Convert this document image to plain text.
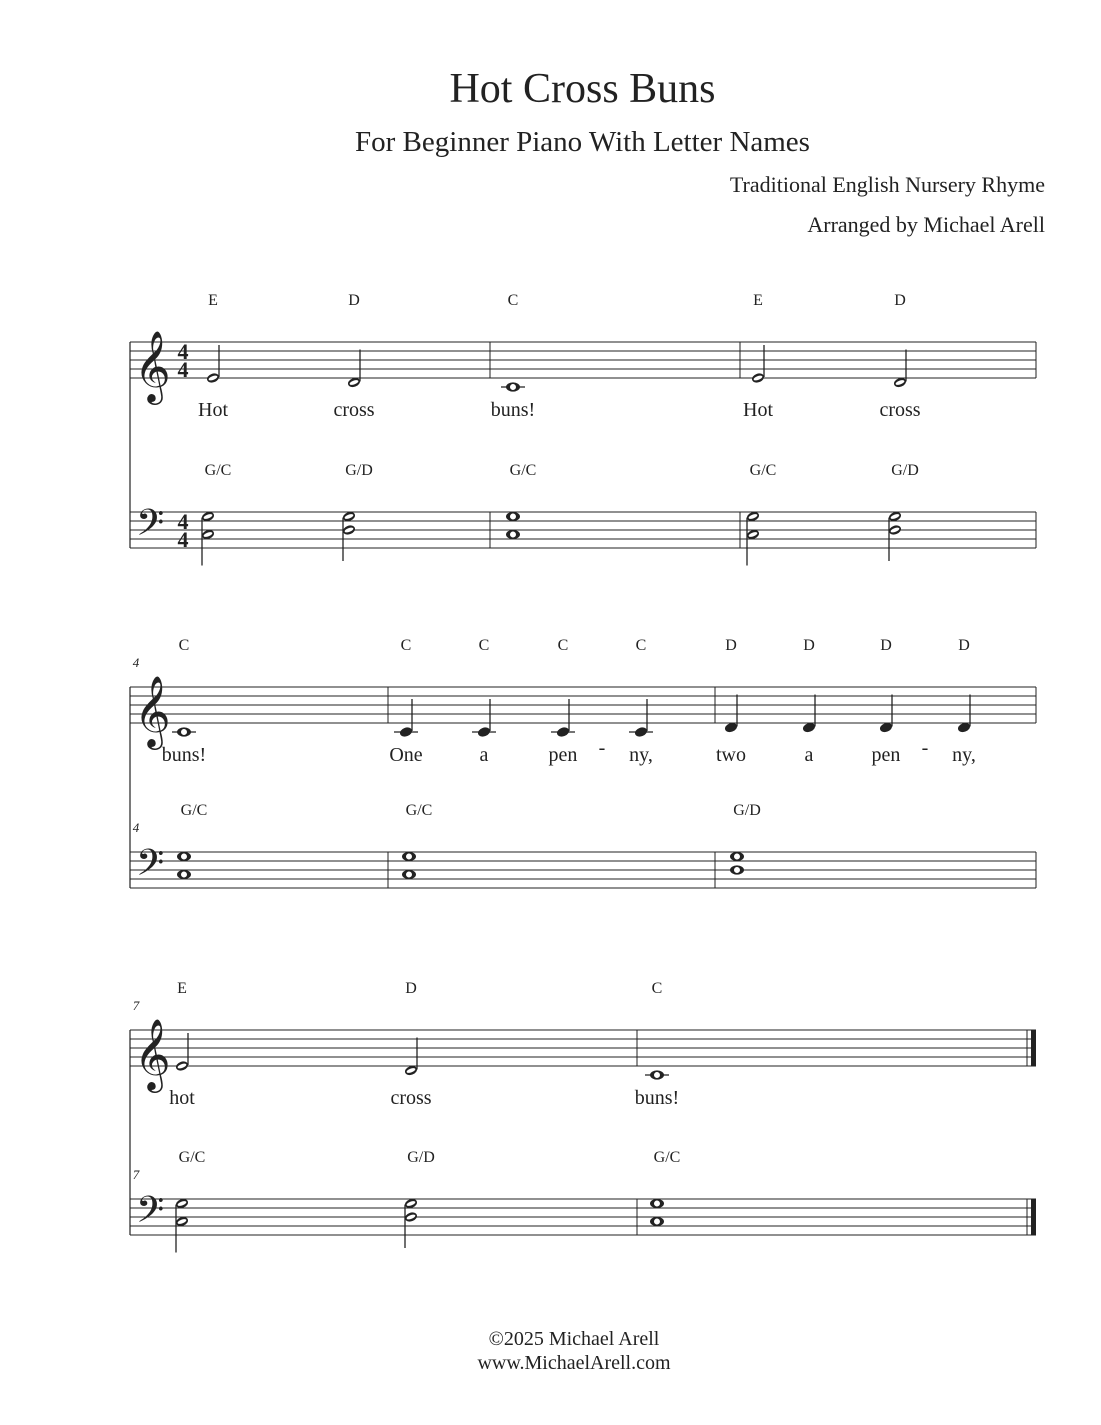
Hot Cross Buns
For Beginner Piano With Letter Names
Traditional English Nursery Rhyme
Arranged by Michael Arell
𝄞
𝄢
4
4
4
4
E
Hot
D
cross
G/C	G/D
C
buns!
G/C
E
Hot
D
cross
G/C	G/D
𝄞
𝄢
4
4
C
buns!
G/C
C
One
C
a
C
pen
C
ny,
G/C
D
two
D
a
D
pen
D
ny,
G/D
𝄞
𝄢
7
7
E
hot
D
cross
G/C	G/D
C
buns!
G/C
-	-
©2025 Michael Arell
www.MichaelArell.com
